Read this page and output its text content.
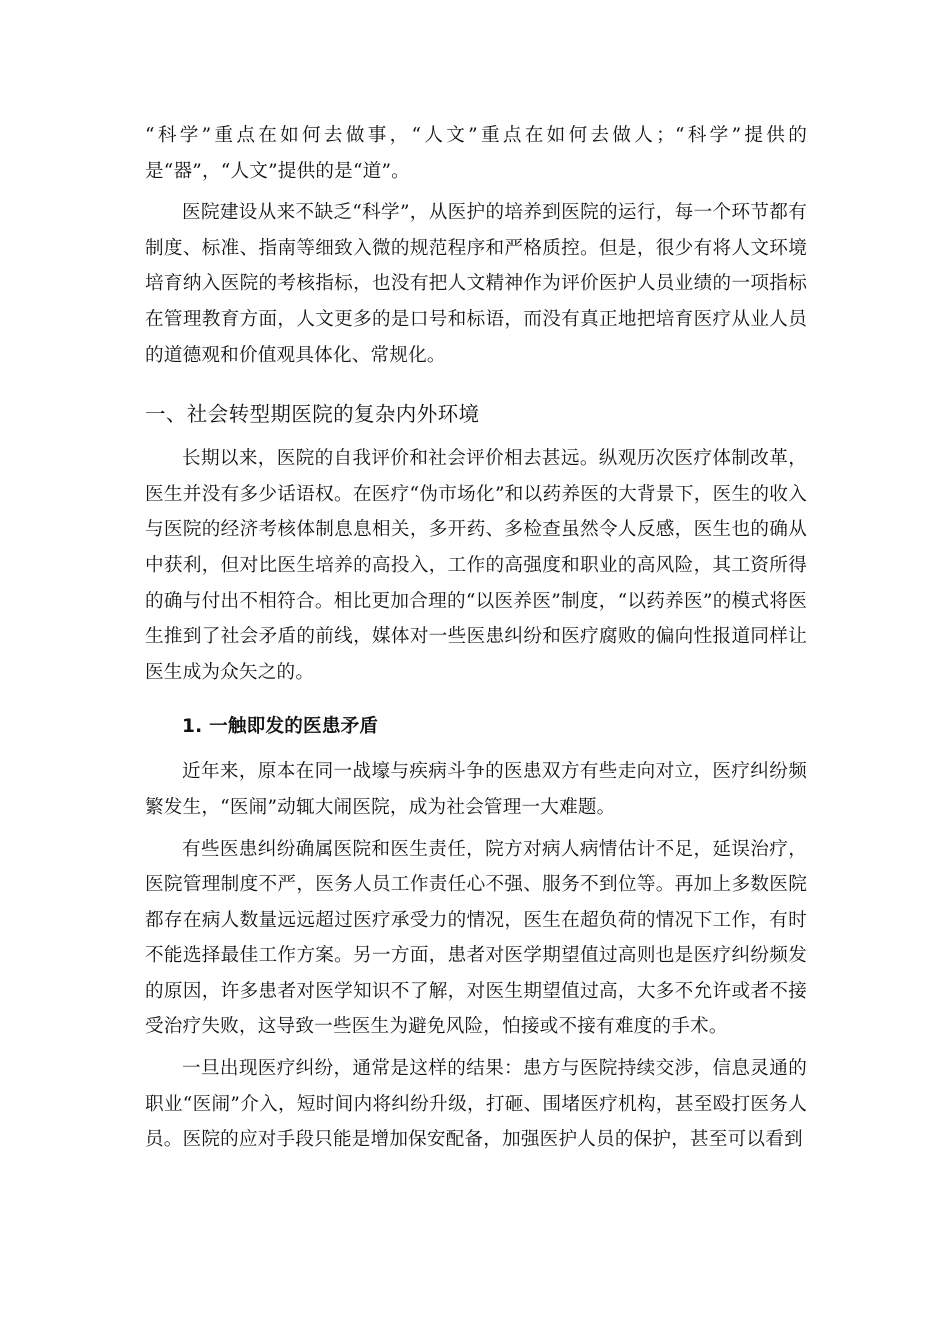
“科学”重点在如何去做事，“人文”重点在如何去做人；“科学”提供的是“器”，“人文”提供的是“道”。

医院建设从来不缺乏“科学”，从医护的培养到医院的运行，每一个环节都有制度、标准、指南等细致入微的规范程序和严格质控。但是，很少有将人文环境培育纳入医院的考核指标，也没有把人文精神作为评价医护人员业绩的一项指标在管理教育方面，人文更多的是口号和标语，而没有真正地把培育医疗从业人员的道德观和价值观具体化、常规化。

一、社会转型期医院的复杂内外环境

长期以来，医院的自我评价和社会评价相去甚远。纵观历次医疗体制改革，医生并没有多少话语权。在医疗“伪市场化”和以药养医的大背景下，医生的收入与医院的经济考核体制息息相关，多开药、多检查虽然令人反感，医生也的确从中获利，但对比医生培养的高投入，工作的高强度和职业的高风险，其工资所得的确与付出不相符合。相比更加合理的“以医养医”制度，“以药养医”的模式将医生推到了社会矛盾的前线，媒体对一些医患纠纷和医疗腐败的偏向性报道同样让医生成为众矢之的。

1. 一触即发的医患矛盾

近年来，原本在同一战壕与疾病斗争的医患双方有些走向对立，医疗纠纷频繁发生，“医闹”动辄大闹医院，成为社会管理一大难题。

有些医患纠纷确属医院和医生责任，院方对病人病情估计不足，延误治疗，医院管理制度不严，医务人员工作责任心不强、服务不到位等。再加上多数医院都存在病人数量远远超过医疗承受力的情况，医生在超负荷的情况下工作，有时不能选择最佳工作方案。另一方面，患者对医学期望值过高则也是医疗纠纷频发的原因，许多患者对医学知识不了解，对医生期望值过高，大多不允许或者不接受治疗失败，这导致一些医生为避免风险，怕接或不接有难度的手术。

一旦出现医疗纠纷，通常是这样的结果：患方与医院持续交涉，信息灵通的职业“医闹”介入，短时间内将纠纷升级，打砸、围堵医疗机构，甚至殴打医务人员。医院的应对手段只能是增加保安配备，加强医护人员的保护，甚至可以看到
